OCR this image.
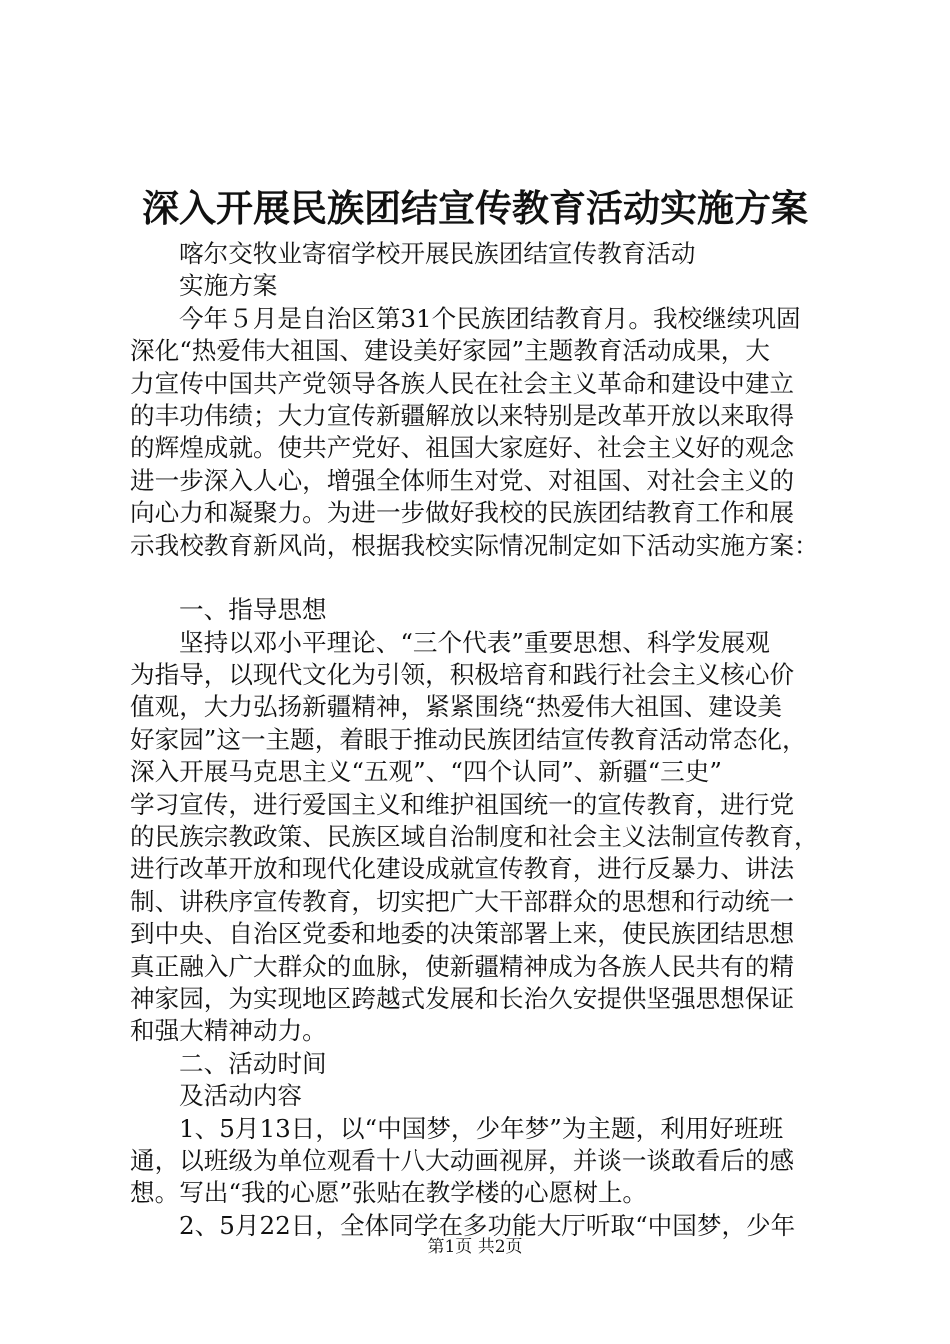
深入开展民族团结宣传教育活动实施方案
喀尔交牧业寄宿学校开展民族团结宣传教育活动
实施方案
今年５月是自治区第31个民族团结教育月。我校继续巩固
深化“热爱伟大祖国、建设美好家园”主题教育活动成果，大
力宣传中国共产党领导各族人民在社会主义革命和建设中建立
的丰功伟绩；大力宣传新疆解放以来特别是改革开放以来取得
的辉煌成就。使共产党好、祖国大家庭好、社会主义好的观念
进一步深入人心，增强全体师生对党、对祖国、对社会主义的
向心力和凝聚力。为进一步做好我校的民族团结教育工作和展
示我校教育新风尚，根据我校实际情况制定如下活动实施方案：
一、指导思想
坚持以邓小平理论、“三个代表”重要思想、科学发展观
为指导，以现代文化为引领，积极培育和践行社会主义核心价
值观，大力弘扬新疆精神，紧紧围绕“热爱伟大祖国、建设美
好家园”这一主题，着眼于推动民族团结宣传教育活动常态化，
深入开展马克思主义“五观”、“四个认同”、新疆“三史”
学习宣传，进行爱国主义和维护祖国统一的宣传教育，进行党
的民族宗教政策、民族区域自治制度和社会主义法制宣传教育，
进行改革开放和现代化建设成就宣传教育，进行反暴力、讲法
制、讲秩序宣传教育，切实把广大干部群众的思想和行动统一
到中央、自治区党委和地委的决策部署上来，使民族团结思想
真正融入广大群众的血脉，使新疆精神成为各族人民共有的精
神家园，为实现地区跨越式发展和长治久安提供坚强思想保证
和强大精神动力。
二、活动时间
及活动内容
1、5月13日，以“中国梦，少年梦”为主题，利用好班班
通，以班级为单位观看十八大动画视屏，并谈一谈敢看后的感
想。写出“我的心愿”张贴在教学楼的心愿树上。
2、5月22日，全体同学在多功能大厅听取“中国梦，少年
第1页 共2页
